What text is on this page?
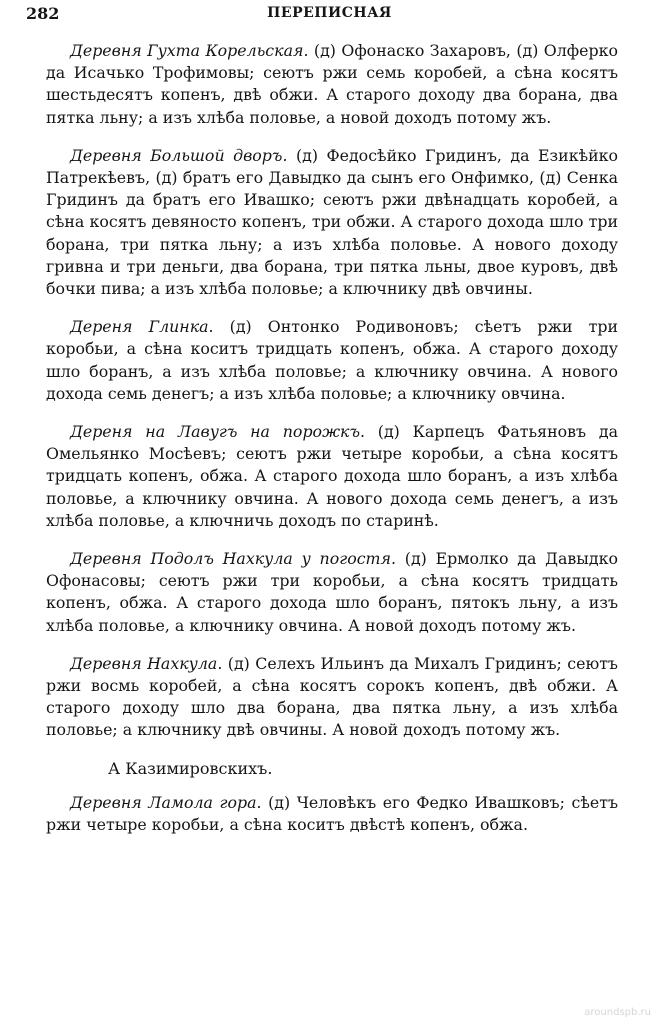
282	ПЕРЕПИСНАЯ

Деревня Гухта Корельская. (д) Офонаско Захаровъ, (д) Олферко да Исачько Трофимовы; сеютъ ржи семь коробей, а сѣна косятъ шестьдесятъ копенъ, двѣ обжи. А старого доходу два борана, два пятка льну; а изъ хлѣба половье, а новой доходъ потому жъ.

Деревня Большой дворъ. (д) Федосѣйко Гридинъ, да Езикѣйко Патрекѣевъ, (д) братъ его Давыдко да сынъ его Онфимко, (д) Сенка Гридинъ да братъ его Ивашко; сеютъ ржи двѣнадцать коробей, а сѣна косятъ девяносто копенъ, три обжи. А старого дохода шло три борана, три пятка льну; а изъ хлѣба половье. А нового доходу гривна и три деньги, два борана, три пятка льны, двое куровъ, двѣ бочки пива; а изъ хлѣба половье; а ключнику двѣ овчины.

Дереня Глинка. (д) Онтонко Родивоновъ; сѣетъ ржи три коробьи, а сѣна коситъ тридцать копенъ, обжа. А старого доходу шло боранъ, а изъ хлѣба половье; а ключнику овчина. А нового дохода семь денегъ; а изъ хлѣба половье; а ключнику овчина.

Дереня на Лавугъ на порожкъ. (д) Карпецъ Фатьяновъ да Омельянко Мосѣевъ; сеютъ ржи четыре коробьи, а сѣна косятъ тридцать копенъ, обжа. А старого дохода шло боранъ, а изъ хлѣба половье, а ключнику овчина. А нового дохода семь денегъ, а изъ хлѣба половье, а ключничь доходъ по старинѣ.

Деревня Подолъ Нахкула у погостя. (д) Ермолко да Давыдко Офонасовы; сеютъ ржи три коробьи, а сѣна косятъ тридцать копенъ, обжа. А старого дохода шло боранъ, пятокъ льну, а изъ хлѣба половье, а ключнику овчина. А новой доходъ потому жъ.

Деревня Нахкула. (д) Селехъ Ильинъ да Михалъ Гридинъ; сеютъ ржи восмь коробей, а сѣна косятъ сорокъ копенъ, двѣ обжи. А старого доходу шло два борана, два пятка льну, а изъ хлѣба половье; а ключнику двѣ овчины. А новой доходъ потому жъ.

А Казимировскихъ.

Деревня Ламола гора. (д) Человѣкъ его Федко Ивашковъ; сѣетъ ржи четыре коробьи, а сѣна коситъ двѣстѣ копенъ, обжа.

aroundspb.ru
